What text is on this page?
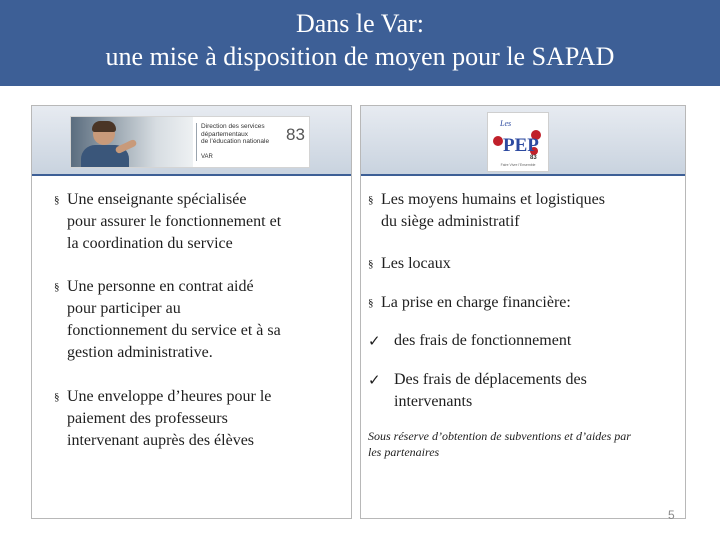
Dans le Var:
une mise à disposition de moyen pour le SAPAD
Direction des services
départementaux
de l'éducation nationale
VAR
83
§ Une enseignante spécialisée
pour assurer le fonctionnement et
la coordination du service
§ Une personne en contrat aidé
pour participer au
fonctionnement du service et à sa
gestion administrative.
§ Une enveloppe d’heures pour le
paiement des professeurs
intervenant auprès des élèves
Les
PEP
83
Faire Vivre l'Ensemble
§ Les moyens humains et logistiques
du siège administratif
§ Les locaux
§ La prise en charge financière:
✓ des frais de fonctionnement
✓ Des frais de déplacements des
intervenants
Sous réserve d’obtention de subventions et d’aides par
les partenaires
5
